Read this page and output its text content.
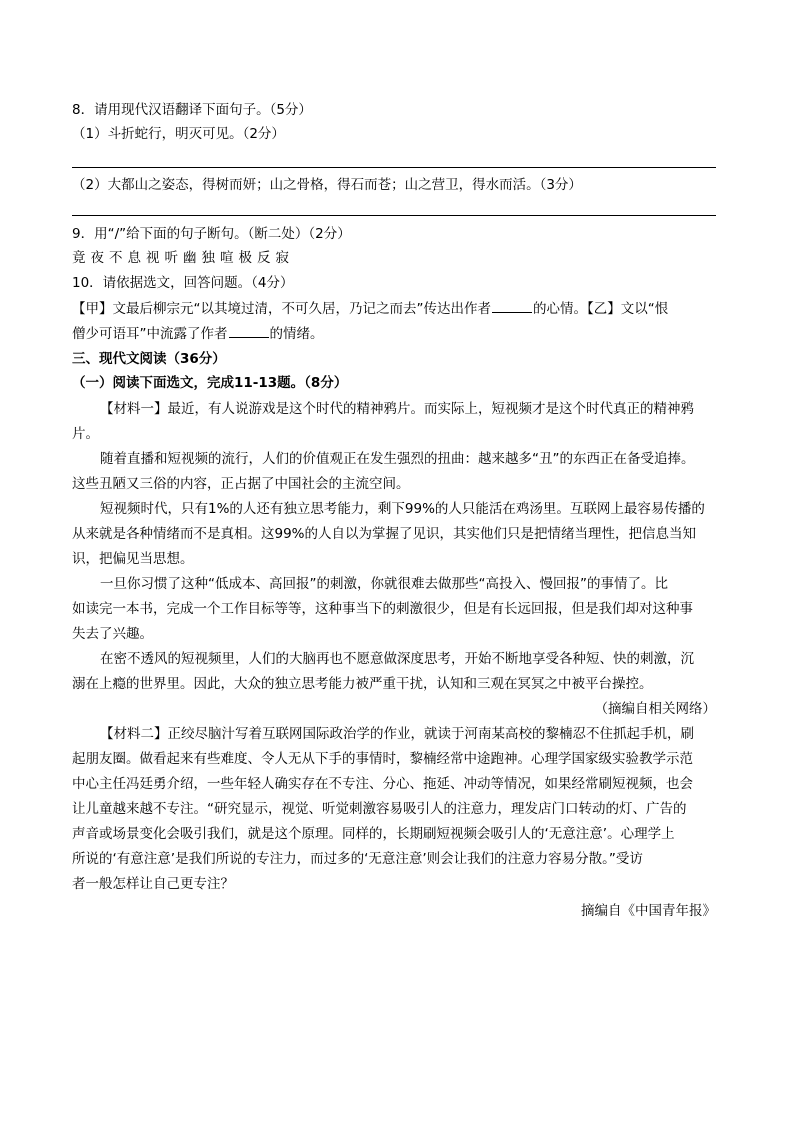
8．请用现代汉语翻译下面句子。（5分）
（1）斗折蛇行，明灭可见。（2分）
（2）大都山之姿态，得树而妍；山之骨格，得石而苍；山之营卫，得水而活。（3分）
9．用“/”给下面的句子断句。（断二处）（2分）
竟夜不息视听幽独喧极反寂
10．请依据选文，回答问题。（4分）
【甲】文最后柳宗元“以其境过清，不可久居，乃记之而去”传达出作者	的心情。【乙】文以“恨
僧少可语耳”中流露了作者	的情绪。
三、现代文阅读（36分）
（一）阅读下面选文，完成11-13题。（8分）
【材料一】最近，有人说游戏是这个时代的精神鸦片。而实际上，短视频才是这个时代真正的精神鸦
片。
随着直播和短视频的流行，人们的价值观正在发生强烈的扭曲：越来越多“丑”的东西正在备受追捧。
这些丑陋又三俗的内容，正占据了中国社会的主流空间。
短视频时代，只有1%的人还有独立思考能力，剩下99%的人只能活在鸡汤里。互联网上最容易传播的
从来就是各种情绪而不是真相。这99%的人自以为掌握了见识，其实他们只是把情绪当理性，把信息当知
识，把偏见当思想。
一旦你习惯了这种“低成本、高回报”的刺激，你就很难去做那些“高投入、慢回报”的事情了。比
如读完一本书，完成一个工作目标等等，这种事当下的刺激很少，但是有长远回报，但是我们却对这种事
失去了兴趣。
在密不透风的短视频里，人们的大脑再也不愿意做深度思考，开始不断地享受各种短、快的刺激，沉
溺在上瘾的世界里。因此，大众的独立思考能力被严重干扰，认知和三观在冥冥之中被平台操控。
（摘编自相关网络）
【材料二】正绞尽脑汁写着互联网国际政治学的作业，就读于河南某高校的黎楠忍不住抓起手机，刷
起朋友圈。做看起来有些难度、令人无从下手的事情时，黎楠经常中途跑神。心理学国家级实验教学示范
中心主任冯廷勇介绍，一些年轻人确实存在不专注、分心、拖延、冲动等情况，如果经常刷短视频，也会
让儿童越来越不专注。“研究显示，视觉、听觉刺激容易吸引人的注意力，理发店门口转动的灯、广告的
声音或场景变化会吸引我们，就是这个原理。同样的，长期刷短视频会吸引人的‘无意注意’。心理学上
所说的‘有意注意’是我们所说的专注力，而过多的‘无意注意’则会让我们的注意力容易分散。”受访
者一般怎样让自己更专注？
摘编自《中国青年报》
